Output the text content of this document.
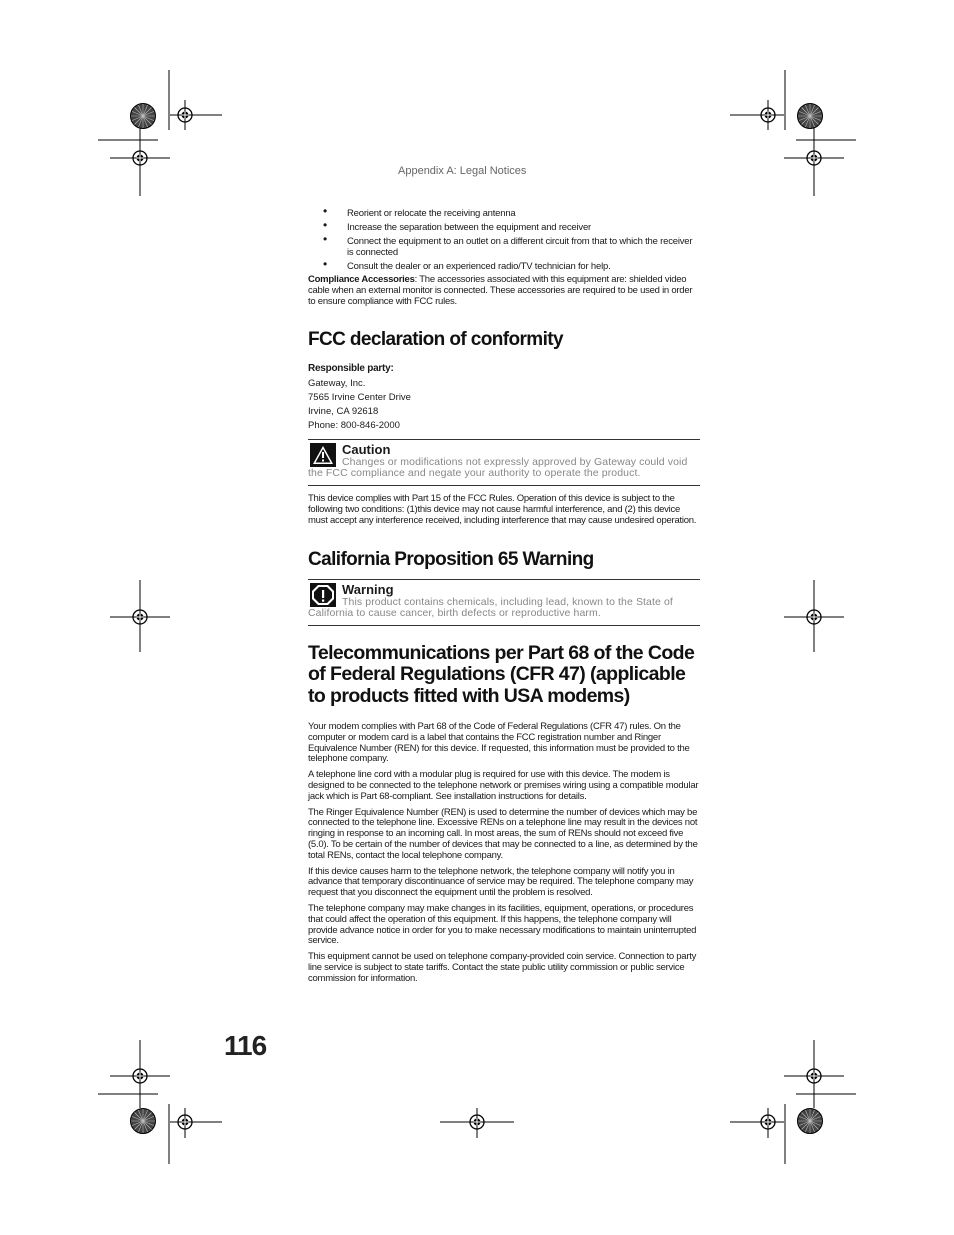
Appendix A: Legal Notices
• Reorient or relocate the receiving antenna
• Increase the separation between the equipment and receiver
• Connect the equipment to an outlet on a different circuit from that to which the receiver is connected
• Consult the dealer or an experienced radio/TV technician for help.

Compliance Accessories: The accessories associated with this equipment are: shielded video cable when an external monitor is connected. These accessories are required to be used in order to ensure compliance with FCC rules.

FCC declaration of conformity

Responsible party:

Gateway, Inc.
7565 Irvine Center Drive
Irvine, CA 92618
Phone: 800-846-2000
Caution
Changes or modifications not expressly approved by Gateway could void the FCC compliance and negate your authority to operate the product.

This device complies with Part 15 of the FCC Rules. Operation of this device is subject to the following two conditions: (1)this device may not cause harmful interference, and (2) this device must accept any interference received, including interference that may cause undesired operation.

California Proposition 65 Warning
Warning
This product contains chemicals, including lead, known to the State of California to cause cancer, birth defects or reproductive harm.
Telecommunications per Part 68 of the Code of Federal Regulations (CFR 47) (applicable to products fitted with USA modems)

Your modem complies with Part 68 of the Code of Federal Regulations (CFR 47) rules. On the computer or modem card is a label that contains the FCC registration number and Ringer Equivalence Number (REN) for this device. If requested, this information must be provided to the telephone company.

A telephone line cord with a modular plug is required for use with this device. The modem is designed to be connected to the telephone network or premises wiring using a compatible modular jack which is Part 68-compliant. See installation instructions for details.

The Ringer Equivalence Number (REN) is used to determine the number of devices which may be connected to the telephone line. Excessive RENs on a telephone line may result in the devices not ringing in response to an incoming call. In most areas, the sum of RENs should not exceed five (5.0). To be certain of the number of devices that may be connected to a line, as determined by the total RENs, contact the local telephone company.

If this device causes harm to the telephone network, the telephone company will notify you in advance that temporary discontinuance of service may be required. The telephone company may request that you disconnect the equipment until the problem is resolved.

The telephone company may make changes in its facilities, equipment, operations, or procedures that could affect the operation of this equipment. If this happens, the telephone company will provide advance notice in order for you to make necessary modifications to maintain uninterrupted service.

This equipment cannot be used on telephone company-provided coin service. Connection to party line service is subject to state tariffs. Contact the state public utility commission or public service commission for information.

116
